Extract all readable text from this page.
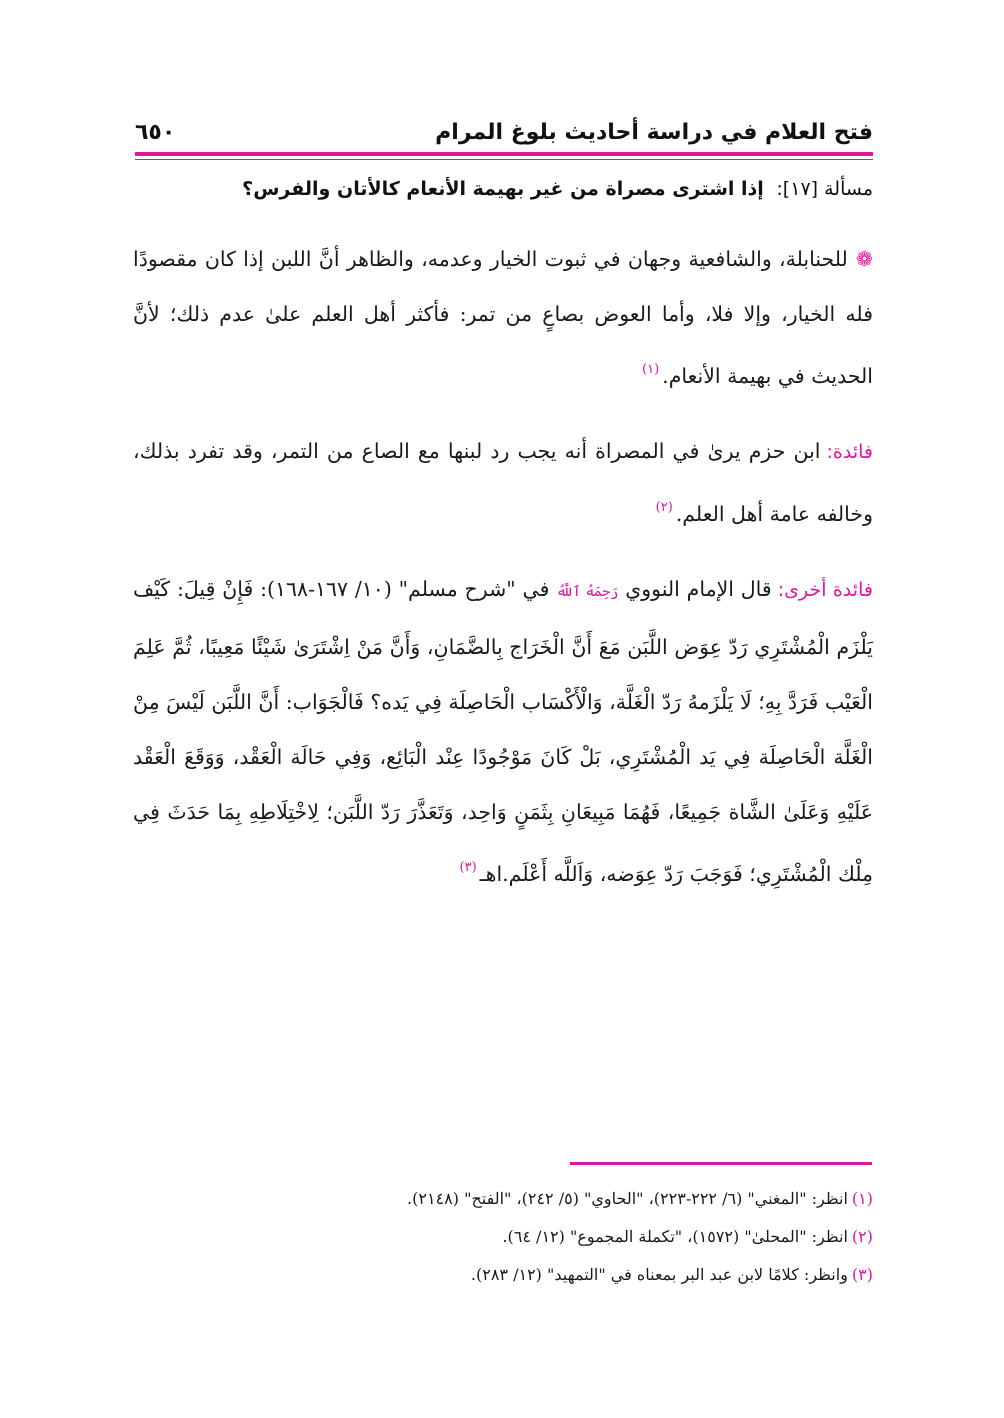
فتح العلام في دراسة أحاديث بلوغ المرام
٦٥٠
مسألة [١٧]: إذا اشترى مصراة من غير بهيمة الأنعام كالأتان والفرس؟
❁للحنابلة، والشافعية وجهان في ثبوت الخيار وعدمه، والظاهر أنَّ اللبن إذا كان مقصودًا فله الخيار، وإلا فلا، وأما العوض بصاعٍ من تمر: فأكثر أهل العلم علىٰ عدم ذلك؛ لأنَّ الحديث في بهيمة الأنعام.$^{(١)}$
فائدة:ابن حزم يرىٰ في المصراة أنه يجب رد لبنها مع الصاع من التمر، وقد تفرد بذلك، وخالفه عامة أهل العلم.$^{(٢)}$
فائدة أخرى:قال الإمام النووي رَحِمَهُ ٱللَّهُ في "شرح مسلم" (١٠/ ١٦٧-١٦٨): فَإِنْ قِيلَ: كَيْف يَلْزَم الْمُشْتَرِي رَدّ عِوَض اللَّبَن مَعَ أَنَّ الْخَرَاج بِالضَّمَانِ، وَأَنَّ مَنْ اِشْتَرَىٰ شَيْئًا مَعِيبًا، ثُمَّ عَلِمَ الْعَيْب فَرَدَّ بِهِ؛ لَا يَلْزَمهُ رَدّ الْغَلَّة، وَالْأَكْسَاب الْحَاصِلَة فِي يَده؟ فَالْجَوَاب: أَنَّ اللَّبَن لَيْسَ مِنْ الْغَلَّة الْحَاصِلَة فِي يَد الْمُشْتَرِي، بَلْ كَانَ مَوْجُودًا عِنْد الْبَائِع، وَفِي حَالَة الْعَقْد، وَوَقَعَ الْعَقْد عَلَيْهِ وَعَلَىٰ الشَّاة جَمِيعًا، فَهُمَا مَبِيعَانِ بِثَمَنٍ وَاحِد، وَتَعَذَّرَ رَدّ اللَّبَن؛ لِاخْتِلَاطِهِ بِمَا حَدَثَ فِي مِلْك الْمُشْتَرِي؛ فَوَجَبَ رَدّ عِوَضه، وَاَللَّه أَعْلَم.اهـ$^{(٣)}$
(١)انظر: "المغني" (٦/ ٢٢٢-٢٢٣)، "الحاوي" (٥/ ٢٤٢)، "الفتح" (٢١٤٨).
(٢)انظر: "المحلىٰ" (١٥٧٢)، "تكملة المجموع" (١٢/ ٦٤).
(٣)وانظر: كلامًا لابن عبد البر بمعناه في "التمهيد" (١٢/ ٢٨٣).
